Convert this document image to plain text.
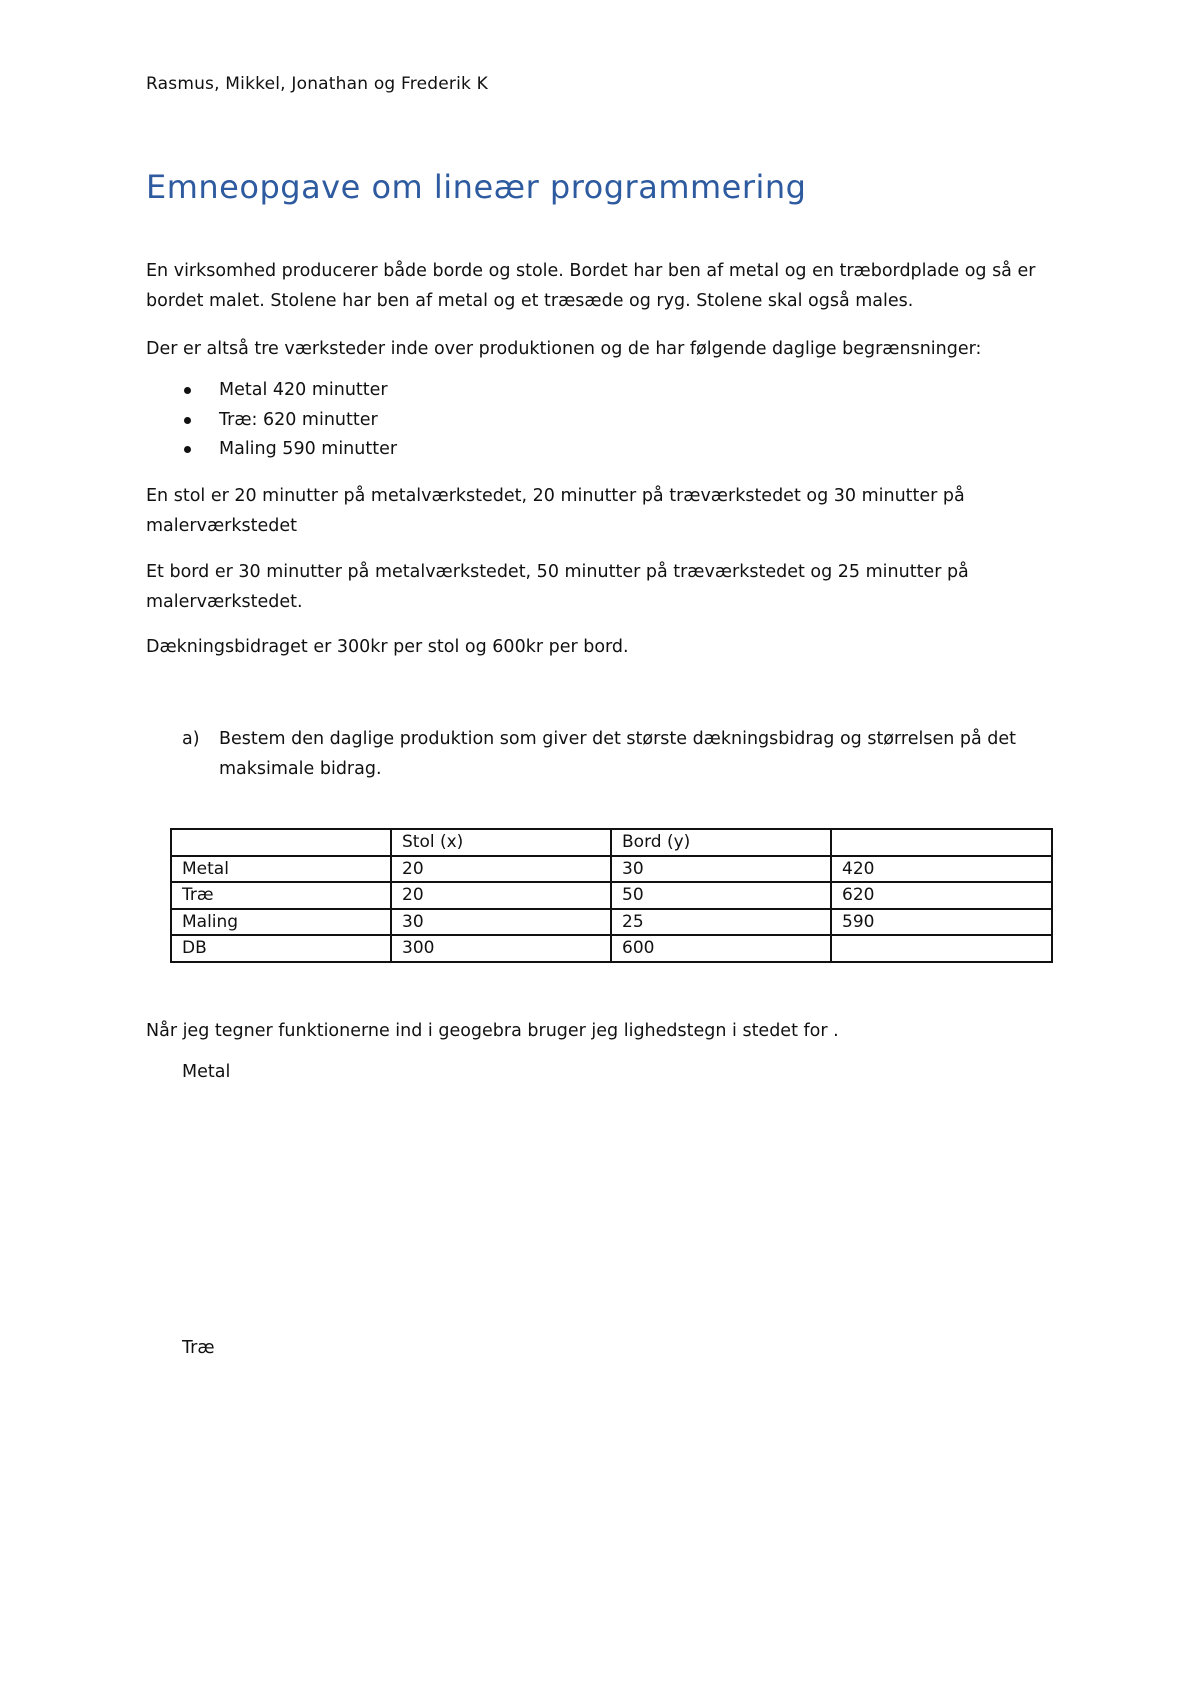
Rasmus, Mikkel, Jonathan og Frederik K
Emneopgave om lineær programmering

En virksomhed producerer både borde og stole. Bordet har ben af metal og en træbordplade og så er bordet malet. Stolene har ben af metal og et træsæde og ryg. Stolene skal også males.

Der er altså tre værksteder inde over produktionen og de har følgende daglige begrænsninger:

Metal 420 minutter
Træ: 620 minutter
Maling 590 minutter

En stol er 20 minutter på metalværkstedet, 20 minutter på træværkstedet og 30 minutter på malerværkstedet

Et bord er 30 minutter på metalværkstedet, 50 minutter på træværkstedet og 25 minutter på malerværkstedet.

Dækningsbidraget er 300kr per stol og 600kr per bord.

a) Bestem den daglige produktion som giver det største dækningsbidrag og størrelsen på det maksimale bidrag.
	Stol (x)	Bord (y)	
Metal	20	30	420
Træ	20	50	620
Maling	30	25	590
DB	300	600	

Når jeg tegner funktionerne ind i geogebra bruger jeg lighedstegn i stedet for .

Metal
Træ
